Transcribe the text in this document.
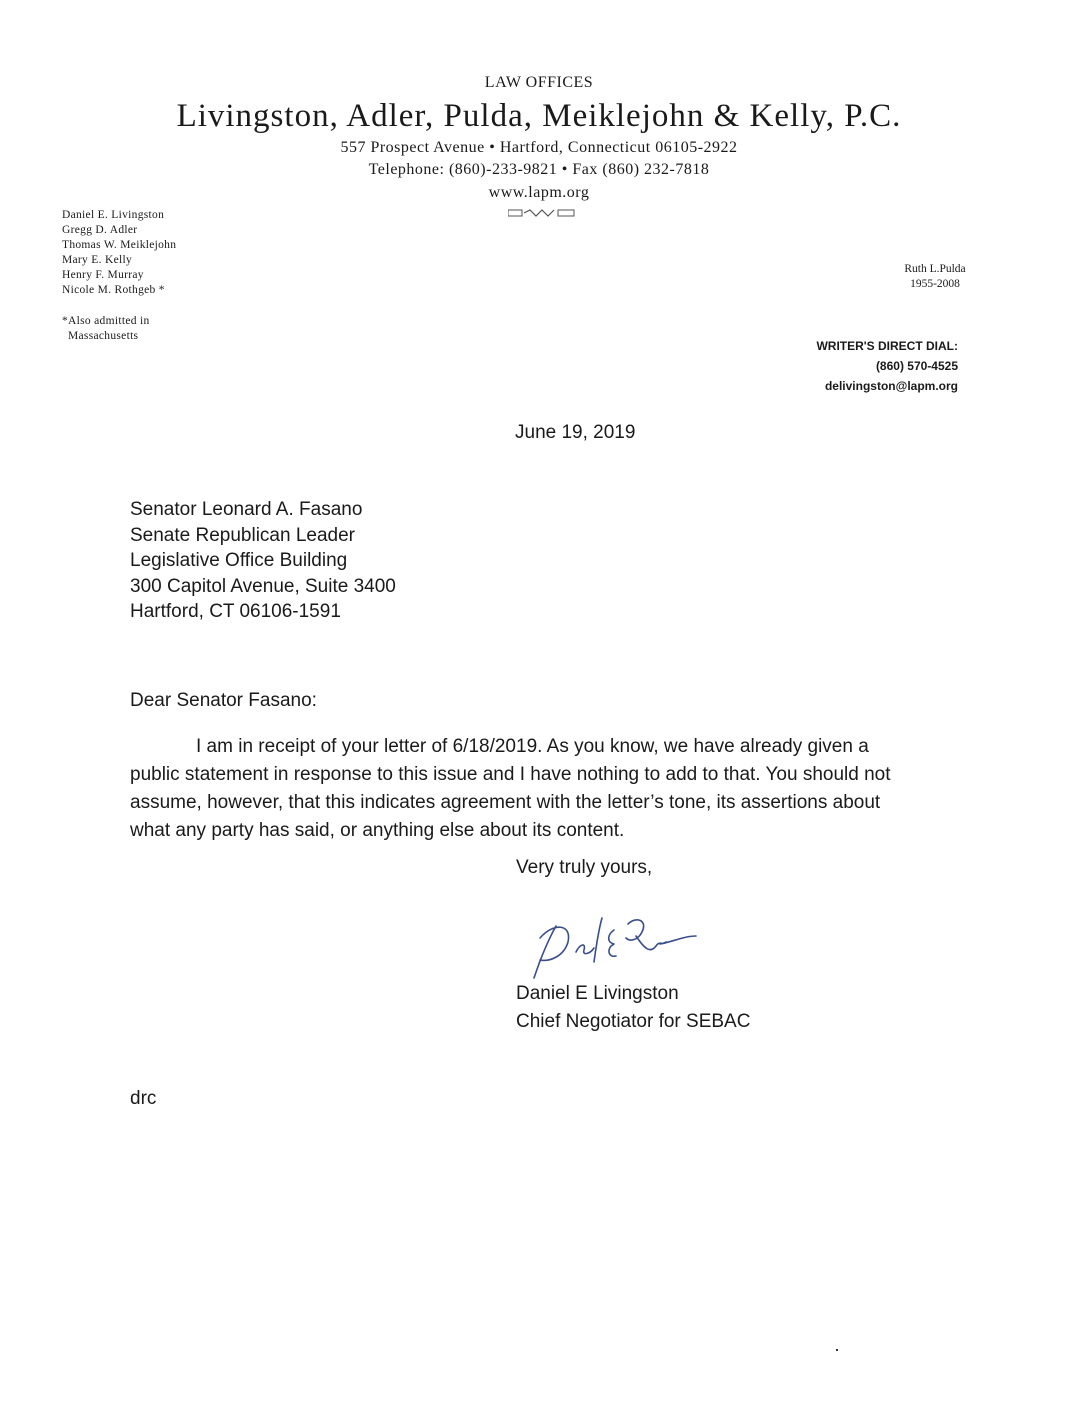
LAW OFFICES
Livingston, Adler, Pulda, Meiklejohn & Kelly, P.C.
557 Prospect Avenue • Hartford, Connecticut 06105-2922
Telephone: (860)-233-9821 • Fax (860) 232-7818
www.lapm.org
Daniel E. Livingston
Gregg D. Adler
Thomas W. Meiklejohn
Mary E. Kelly
Henry F. Murray
Nicole M. Rothgeb *
*Also admitted in
Massachusetts
Ruth L.Pulda
1955-2008
WRITER'S DIRECT DIAL:
(860) 570-4525
delivingston@lapm.org
June 19, 2019
Senator Leonard A. Fasano
Senate Republican Leader
Legislative Office Building
300 Capitol Avenue, Suite 3400
Hartford, CT 06106-1591
Dear Senator Fasano:
I am in receipt of your letter of 6/18/2019. As you know, we have already given a
public statement in response to this issue and I have nothing to add to that. You should not
assume, however, that this indicates agreement with the letter’s tone, its assertions about
what any party has said, or anything else about its content.
Very truly yours,
Daniel E Livingston
Chief Negotiator for SEBAC
drc
